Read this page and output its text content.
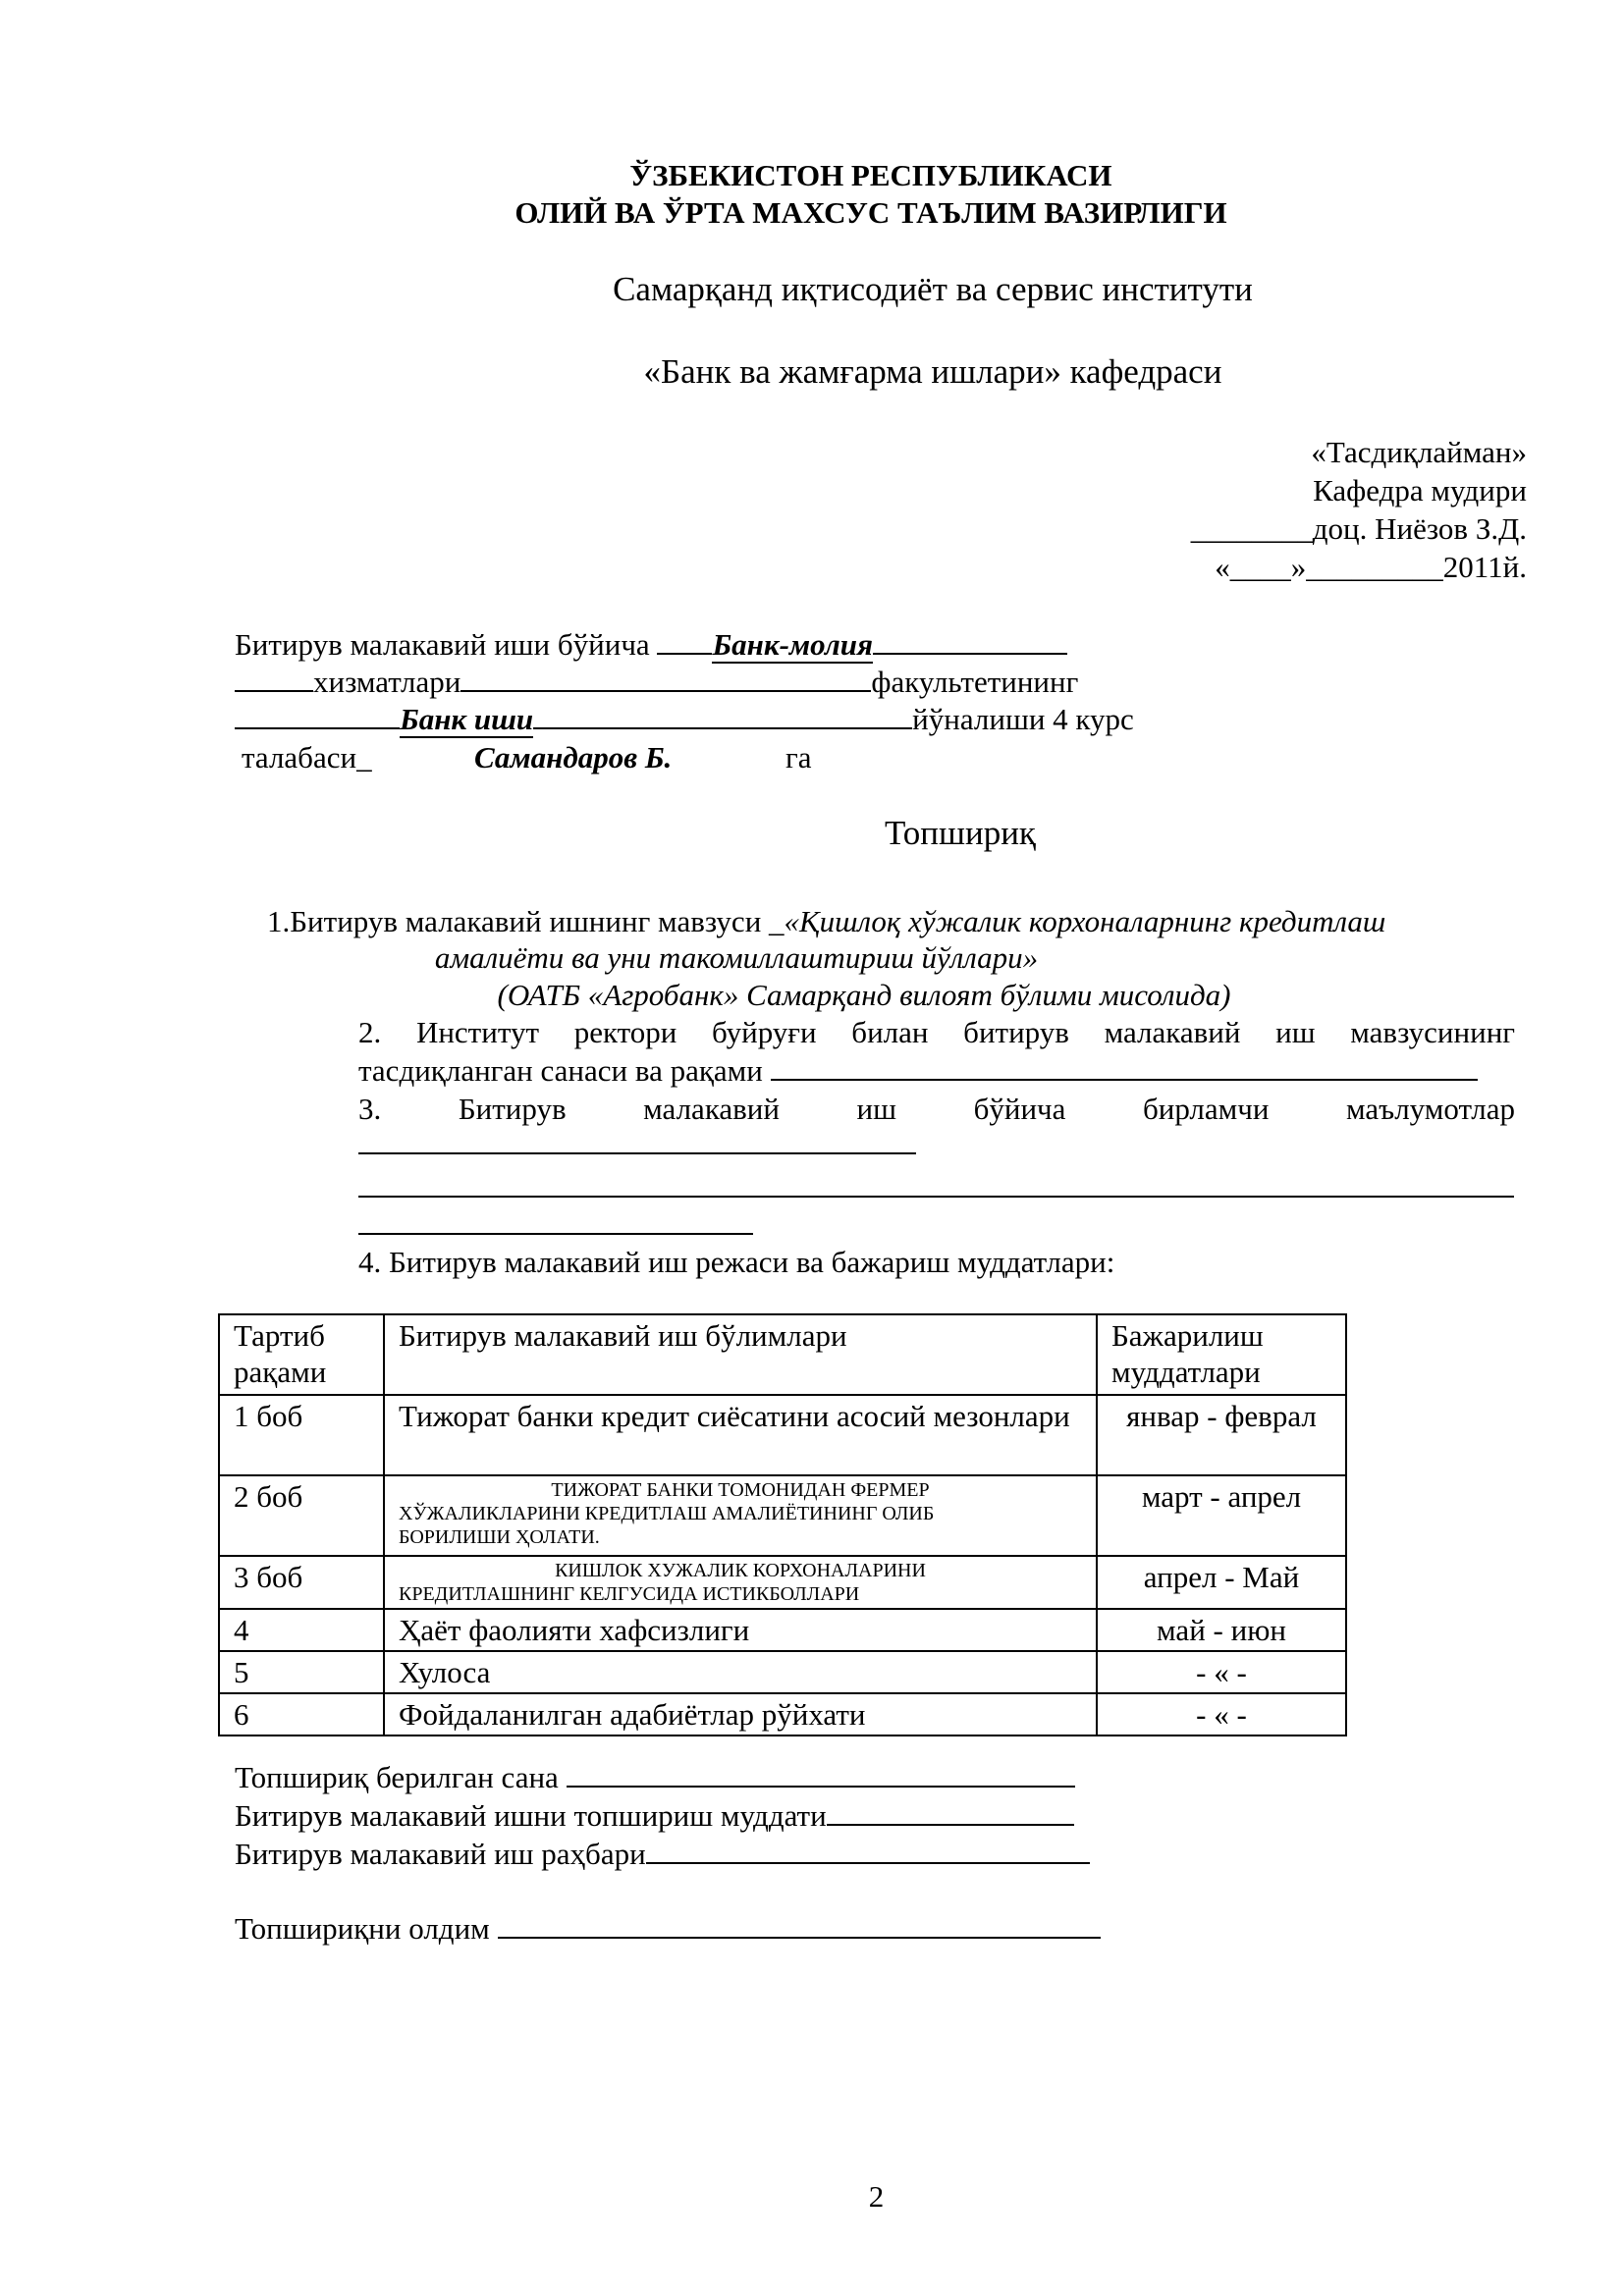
ЎЗБЕКИСТОН РЕСПУБЛИКАСИ
ОЛИЙ ВА ЎРТА МАХСУС ТАЪЛИМ ВАЗИРЛИГИ
Самарқанд иқтисодиёт ва сервис институти
«Банк ва жамғарма ишлари» кафедраси
«Тасдиқлайман»
Кафедра мудири
________доц. Ниёзов З.Д.
«____»_________2011й.
Битирув малакавий иши бўйича Банк-молия
хизматлари	факультетининг
Банк иши	йўналиши 4 курс
талабаси_	Самандаров Б.	га
Топшириқ
1.Битирув малакавий ишнинг мавзуси _«Қишлоқ хўжалик корхоналарнинг кредитлаш
амалиёти ва уни такомиллаштириш йўллари»
(ОАТБ «Агробанк» Самарқанд вилоят бўлими мисолида)
2. Институт ректори буйруғи билан битирув малакавий иш мавзусининг
тасдиқланган санаси ва рақами
3. Битирув малакавий иш бўйича бирламчи маълумотлар
4. Битирув малакавий иш режаси ва бажариш муддатлари:
Тартиб рақами	Битирув малакавий иш бўлимлари	Бажарилиш муддатлари
1 боб	Тижорат банки кредит сиёсатини асосий мезонлари	январ - феврал
2 боб	ТИЖОРАТ БАНКИ ТОМОНИДАН ФЕРМЕР
ХЎЖАЛИКЛАРИНИ КРЕДИТЛАШ АМАЛИЁТИНИНГ ОЛИБ
БОРИЛИШИ ҲОЛАТИ.	март - апрел
3 боб	КИШЛОК ХУЖАЛИК КОРХОНАЛАРИНИ
КРЕДИТЛАШНИНГ КЕЛГУСИДА ИСТИКБОЛЛАРИ	апрел - Май
4	Ҳаёт фаолияти хафсизлиги	май - июн
5	Хулоса	- « -
6	Фойдаланилган адабиётлар рўйхати	- « -
Топшириқ берилган сана
Битирув малакавий ишни топшириш муддати
Битирув малакавий иш раҳбари
Топшириқни олдим
2
